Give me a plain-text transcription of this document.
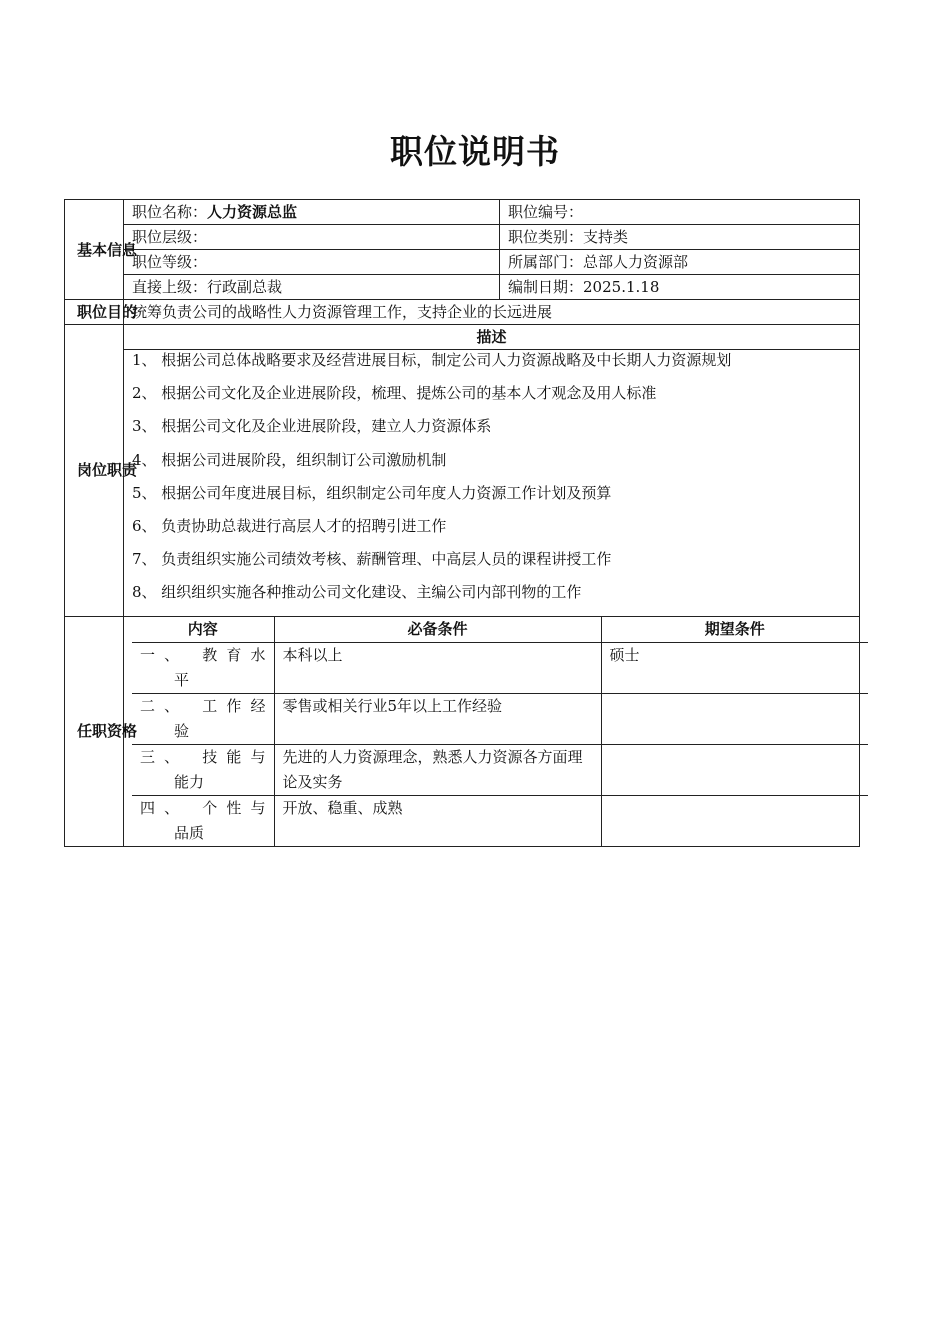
职位说明书
基本信息
	职位名称：人力资源总监	职位编号：
职位层级：	职位类别：支持类
职位等级：	所属部门：总部人力资源部
直接上级：行政副总裁	编制日期：2025.1.18

职位目的
	统筹负责公司的战略性人力资源管理工作，支持企业的长远进展

岗位职责
	描述

1、 根据公司总体战略要求及经营进展目标，制定公司人力资源战略及中长期人力资源规划
2、 根据公司文化及企业进展阶段，梳理、提炼公司的基本人才观念及用人标准
3、 根据公司文化及企业进展阶段，建立人力资源体系
4、 根据公司进展阶段，组织制订公司激励机制
5、 根据公司年度进展目标，组织制定公司年度人力资源工作计划及预算
6、 负责协助总裁进行高层人才的招聘引进工作
7、 负责组织实施公司绩效考核、薪酬管理、中高层人员的课程讲授工作
8、 组织组织实施各种推动公司文化建设、主编公司内部刊物的工作

任职资格

内容	必备条件	期望条件

一、 教育水
平
	本科以上	硕士

二、 工作经
验
	零售或相关行业5年以上工作经验	

三、 技能与
能力
	先进的人力资源理念，熟悉人力资源各方面理论及实务	

四、 个性与
品质
	开放、稳重、成熟	
